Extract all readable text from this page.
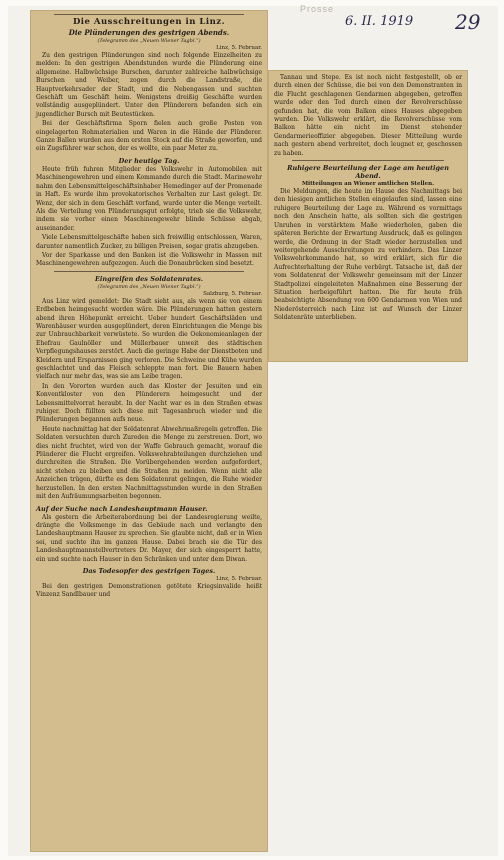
Prosse
6. II. 1919 29
Die Ausschreitungen in Linz.
Die Plünderungen des gestrigen Abends.
(Telegramm des „Neuen Wiener Tagbl.“)
Linz, 5. Februar.

Zu den gestrigen Plünderungen sind noch folgende Einzelheiten zu melden: In den gestrigen Abendstunden wurde die Plünderung eine allgemeine. Halbwüchsige Burschen, darunter zahlreiche halbwüchsige Burschen und Weiber, zogen durch die Landstraße, die Hauptverkehrsader der Stadt, und die Nebengassen und suchten Geschäft um Geschäft heim. Wenigstens dreißig Geschäfte wurden vollständig ausgeplündert. Unter den Plünderern befanden sich ein jugendlicher Bursch mit Beutestücken.

Bei der Geschäftsfirma Sporn fielen auch große Posten von eingelagerten Rohmaterialien und Waren in die Hände der Plünderer. Ganze Ballen wurden aus dem ersten Stock auf die Straße geworfen, und ein Zugsführer war schon, der es wollte, ein paar Meter zu.

Der heutige Tag.

Heute früh fuhren Mitglieder des Volkswehr in Automobilen mit Maschinengewehren und einem Kommando durch die Stadt. Marinewehr nahm den Lebensmittelgeschäftsinhaber Hemedinger auf der Promenade in Haft. Es wurde ihm provokatorisches Verhalten zur Last gelegt. Dr. Wenz, der sich in dem Geschäft vorfand, wurde unter die Menge verteilt. Als die Verteilung von Plünderungsgut erfolgte, trieb sie die Volkswehr, indem sie vorher einen Maschinengewehr blinde Schüsse abgab, auseinander.

Viele Lebensmittelgeschäfte haben sich freiwillig entschlossen, Waren, darunter namentlich Zucker, zu billigen Preisen, sogar gratis abzugeben.

Vor der Sparkasse und den Banken ist die Volkswehr in Massen mit Maschinengewehren aufgezogen. Auch die Donaubrücken sind besetzt.

Eingreifen des Soldatenrates.
(Telegramm des „Neuen Wiener Tagbl.“)
Salzburg, 5. Februar.

Aus Linz wird gemeldet: Die Stadt sieht aus, als wenn sie von einem Erdbeben heimgesucht worden wäre. Die Plünderungen hatten gestern abend ihren Höhepunkt erreicht. Ueber hundert Geschäftsläden und Warenhäuser wurden ausgeplündert, deren Einrichtungen die Menge bis zur Unbrauchbarkeit verwüstete. So wurden die Oekonomieanlagen der Ehefrau Gaulnöller und Müllerbauer unweit des städtischen Verpflegungshauses zerstört. Auch die geringe Habe der Dienstboten und Kleidern und Ersparnissen ging verloren. Die Schweine und Kühe wurden geschlachtet und das Fleisch schleppte man fort. Die Bauern haben vielfach nur mehr das, was sie am Leibe tragen.

In den Vororten wurden auch das Kloster der Jesuiten und ein Konventkloster von den Plünderern heimgesucht und der Lebensmittelvorrat heraubt. In der Nacht war es in den Straßen etwas ruhiger. Doch füllten sich diese mit Tagesanbruch wieder und die Plünderungen begannen aufs neue.

Heute nachmittag hat der Soldatenrat Abwehrmaßregeln getroffen. Die Soldaten versuchten durch Zureden die Menge zu zerstreuen. Dort, wo dies nicht fruchtet, wird von der Waffe Gebrauch gemacht, worauf die Plünderer die Flucht ergreifen. Volkswehrabteilungen durchziehen und durchreiten die Straßen. Die Vorübergehenden werden aufgefordert, nicht stehen zu bleiben und die Straßen zu meiden. Wenn nicht alle Anzeichen trügen, dürfte es dem Soldatenrat gelingen, die Ruhe wieder herzustellen. In den ersten Nachmittagsstunden wurde in den Straßen mit den Aufräumungsarbeiten begonnen.

Auf der Suche nach Landeshauptmann Hauser.

Als gestern die Arbeiterabordnung bei der Landesregierung weilte, drängte die Volksmenge in das Gebäude nach und verlangte den Landeshauptmann Hauser zu sprechen. Sie glaubte nicht, daß er in Wien sei, und suchte ihn im ganzen Hause. Dabei brach sie die Tür des Landeshauptmannstellvertreters Dr. Mayer, der sich eingesperrt hatte, ein und suchte nach Hauser in den Schränken und unter dem Diwan.

Das Todesopfer des gestrigen Tages.
Linz, 5. Februar.

Bei den gestrigen Demonstrationen getötete Kriegsinvalide heißt Vinzenz Sandlbauer und

Tannau und Stepe. Es ist noch nicht festgestellt, ob er durch einen der Schüsse, die bei von den Demonstranten in die Flucht geschlagenen Gendarmen abgegeben, getroffen wurde oder den Tod durch einen der Revolverschüsse gefunden hat, die vom Balkon eines Hauses abgegeben wurden. Die Volkswehr erklärt, die Revolverschüsse vom Balkon hätte ein nicht im Dienst stehender Gendarmerieoffizier abgegeben. Dieser Mitteilung wurde nach gestern abend verbreitet, doch leugnet er, geschossen zu haben.

Ruhigere Beurteilung der Lage am heutigen Abend.
Mitteilungen an Wiener amtlichen Stellen.

Die Meldungen, die heute im Hause des Nachmittags bei den hiesigen amtlichen Stellen eingelaufen sind, lassen eine ruhigere Beurteilung der Lage zu. Während es vormittags noch den Anschein hatte, als sollten sich die gestrigen Unruhen in verstärktem Maße wiederholen, gaben die späteren Berichte der Erwartung Ausdruck, daß es gelingen werde, die Ordnung in der Stadt wieder herzustellen und weitergehende Ausschreitungen zu verhindern. Das Linzer Volkswehrkommando hat, so wird erklärt, sich für die Aufrechterhaltung der Ruhe verbürgt. Tatsache ist, daß der vom Soldatenrat der Volkswehr gemeinsam mit der Linzer Stadtpolizei eingeleiteten Maßnahmen eine Besserung der Situation herbeigeführt hatten. Die für heute früh beabsichtigte Absendung von 600 Gendarmen von Wien und Niederösterreich nach Linz ist auf Wunsch der Linzer Soldatenräte unterblieben.
